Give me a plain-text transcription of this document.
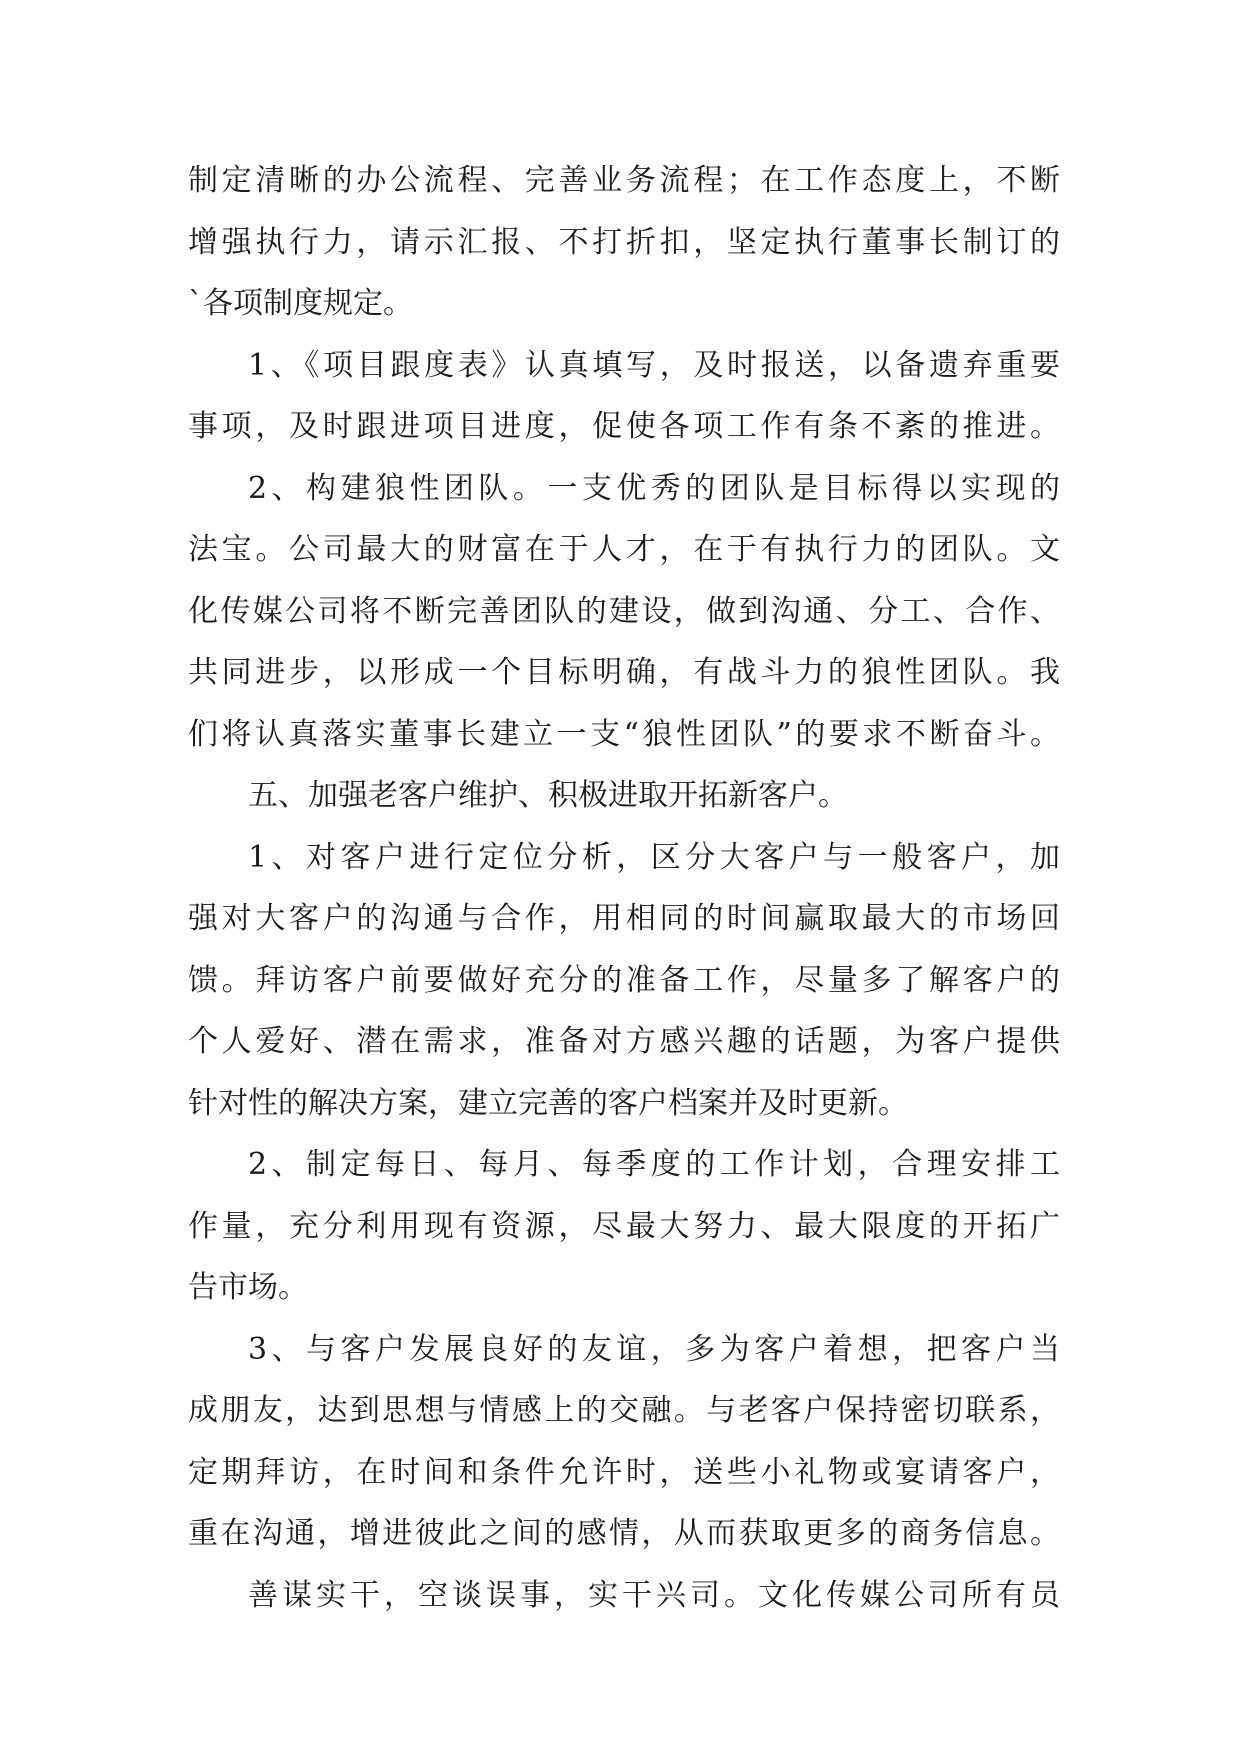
制定清晰的办公流程、完善业务流程；在工作态度上，不断
增强执行力，请示汇报、不打折扣，坚定执行董事长制订的
`各项制度规定。
1、《项目跟度表》认真填写，及时报送，以备遗弃重要
事项，及时跟进项目进度，促使各项工作有条不紊的推进。
2、构建狼性团队。一支优秀的团队是目标得以实现的
法宝。公司最大的财富在于人才，在于有执行力的团队。文
化传媒公司将不断完善团队的建设，做到沟通、分工、合作、
共同进步，以形成一个目标明确，有战斗力的狼性团队。我
们将认真落实董事长建立一支“狼性团队”的要求不断奋斗。
五、加强老客户维护、积极进取开拓新客户。
1、对客户进行定位分析，区分大客户与一般客户，加
强对大客户的沟通与合作，用相同的时间赢取最大的市场回
馈。拜访客户前要做好充分的准备工作，尽量多了解客户的
个人爱好、潜在需求，准备对方感兴趣的话题，为客户提供
针对性的解决方案，建立完善的客户档案并及时更新。
2、制定每日、每月、每季度的工作计划，合理安排工
作量，充分利用现有资源，尽最大努力、最大限度的开拓广
告市场。
3、与客户发展良好的友谊，多为客户着想，把客户当
成朋友，达到思想与情感上的交融。与老客户保持密切联系，
定期拜访，在时间和条件允许时，送些小礼物或宴请客户，
重在沟通，增进彼此之间的感情，从而获取更多的商务信息。
善谋实干，空谈误事，实干兴司。文化传媒公司所有员
